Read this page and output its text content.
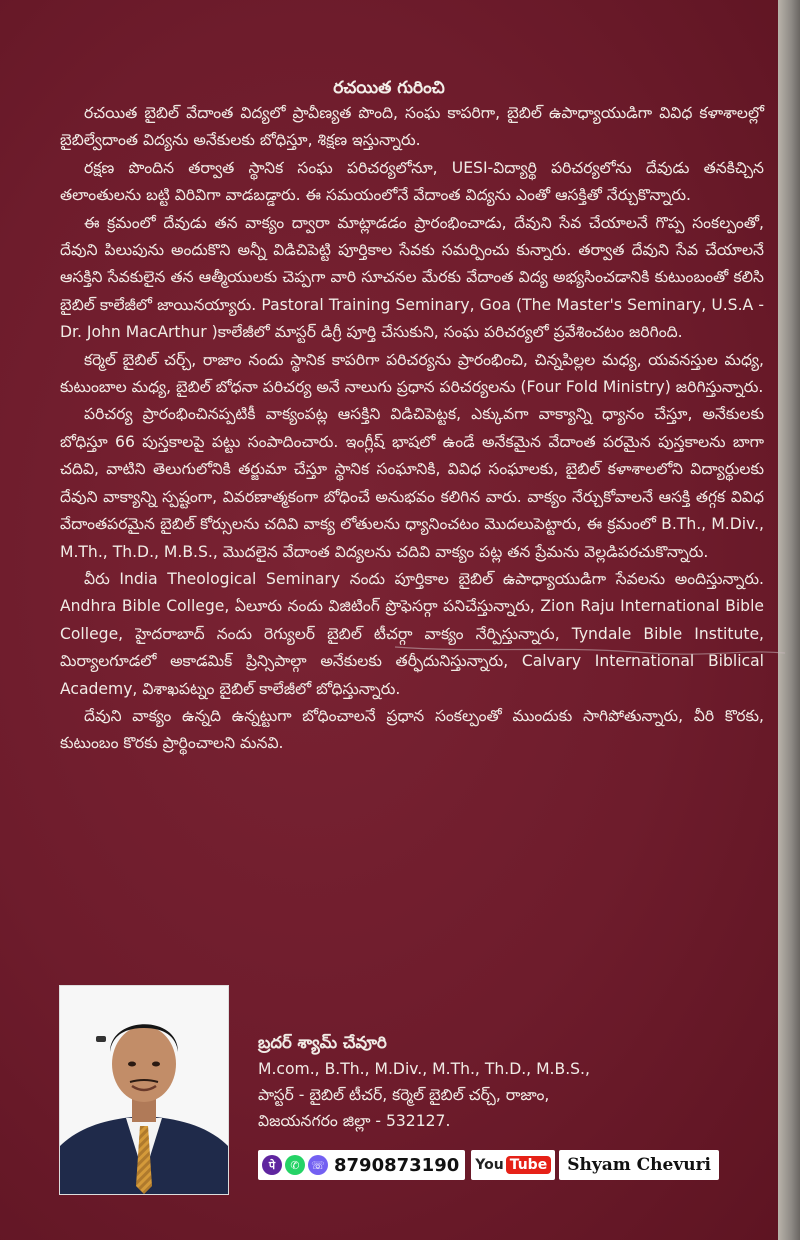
రచయిత గురించి

రచయిత బైబిల్ వేదాంత విద్యలో ప్రావీణ్యత పొంది, సంఘ కాపరిగా, బైబిల్ ఉపాధ్యాయుడిగా వివిధ కళాశాలల్లో బైబిల్వేదాంత విద్యను అనేకులకు బోధిస్తూ, శిక్షణ ఇస్తున్నారు.

రక్షణ పొందిన తర్వాత స్థానిక సంఘ పరిచర్యలోనూ, UESI-విద్యార్థి పరిచర్యలోను దేవుడు తనకిచ్చిన తలాంతులను బట్టి విరివిగా వాడబడ్డారు. ఈ సమయంలోనే వేదాంత విద్యను ఎంతో ఆసక్తితో నేర్చుకొన్నారు.

ఈ క్రమంలో దేవుడు తన వాక్యం ద్వారా మాట్లాడడం ప్రారంభించాడు, దేవుని సేవ చేయాలనే గొప్ప సంకల్పంతో, దేవుని పిలుపును అందుకొని అన్నీ విడిచిపెట్టి పూర్తికాల సేవకు సమర్పించు కున్నారు. తర్వాత దేవుని సేవ చేయాలనే ఆసక్తిని సేవకులైన తన ఆత్మీయులకు చెప్పగా వారి సూచనల మేరకు వేదాంత విద్య అభ్యసించడానికి కుటుంబంతో కలిసి బైబిల్ కాలేజీలో జాయినయ్యారు. Pastoral Training Seminary, Goa (The Master's Seminary, U.S.A -Dr. John MacArthur )కాలేజీలో మాస్టర్ డిగ్రీ పూర్తి చేసుకుని, సంఘ పరిచర్యలో ప్రవేశించటం జరిగింది.

కర్మెల్ బైబిల్ చర్చ్, రాజాం నందు స్థానిక కాపరిగా పరిచర్యను ప్రారంభించి, చిన్నపిల్లల మధ్య, యవనస్తుల మధ్య, కుటుంబాల మధ్య, బైబిల్ బోధనా పరిచర్య అనే నాలుగు ప్రధాన పరిచర్యలను (Four Fold Ministry) జరిగిస్తున్నారు.

పరిచర్య ప్రారంభించినప్పటికీ వాక్యంపట్ల ఆసక్తిని విడిచిపెట్టక, ఎక్కువగా వాక్యాన్ని ధ్యానం చేస్తూ, అనేకులకు బోధిస్తూ 66 పుస్తకాలపై పట్టు సంపాదించారు. ఇంగ్లీష్ భాషలో ఉండే అనేకమైన వేదాంత పరమైన పుస్తకాలను బాగా చదివి, వాటిని తెలుగులోనికి తర్జుమా చేస్తూ స్థానిక సంఘానికి, వివిధ సంఘాలకు, బైబిల్ కళాశాలలోని విద్యార్థులకు దేవుని వాక్యాన్ని స్పష్టంగా, వివరణాత్మకంగా బోధించే అనుభవం కలిగిన వారు. వాక్యం నేర్చుకోవాలనే ఆసక్తి తగ్గక వివిధ వేదాంతపరమైన బైబిల్ కోర్సులను చదివి వాక్య లోతులను ధ్యానించటం మొదలుపెట్టారు, ఈ క్రమంలో B.Th., M.Div., M.Th., Th.D., M.B.S., మొదలైన వేదాంత విద్యలను చదివి వాక్యం పట్ల తన ప్రేమను వెల్లడిపరచుకొన్నారు.

వీరు India Theological Seminary నందు పూర్తికాల బైబిల్ ఉపాధ్యాయుడిగా సేవలను అందిస్తున్నారు. Andhra Bible College, ఏలూరు నందు విజిటింగ్ ప్రొఫెసర్గా పనిచేస్తున్నారు, Zion Raju International Bible College, హైదరాబాద్ నందు రెగ్యులర్ బైబిల్ టీచర్గా వాక్యం నేర్పిస్తున్నారు, Tyndale Bible Institute, మిర్యాలగూడలో అకాడమిక్ ప్రిన్సిపాల్గా అనేకులకు తర్ఫీదునిస్తున్నారు, Calvary International Biblical Academy, విశాఖపట్నం బైబిల్ కాలేజీలో బోధిస్తున్నారు.

దేవుని వాక్యం ఉన్నది ఉన్నట్టుగా బోధించాలనే ప్రధాన సంకల్పంతో ముందుకు సాగిపోతున్నారు, వీరి కొరకు, కుటుంబం కొరకు ప్రార్థించాలని మనవి.

బ్రదర్ శ్యామ్ చేవూరి
M.com., B.Th., M.Div., M.Th., Th.D., M.B.S.,
పాస్టర్ - బైబిల్ టీచర్, కర్మెల్ బైబిల్ చర్చ్, రాజాం,
విజయనగరం జిల్లా - 532127.
पे	✆	☏ 8790873190 You Tube	Shyam Chevuri
